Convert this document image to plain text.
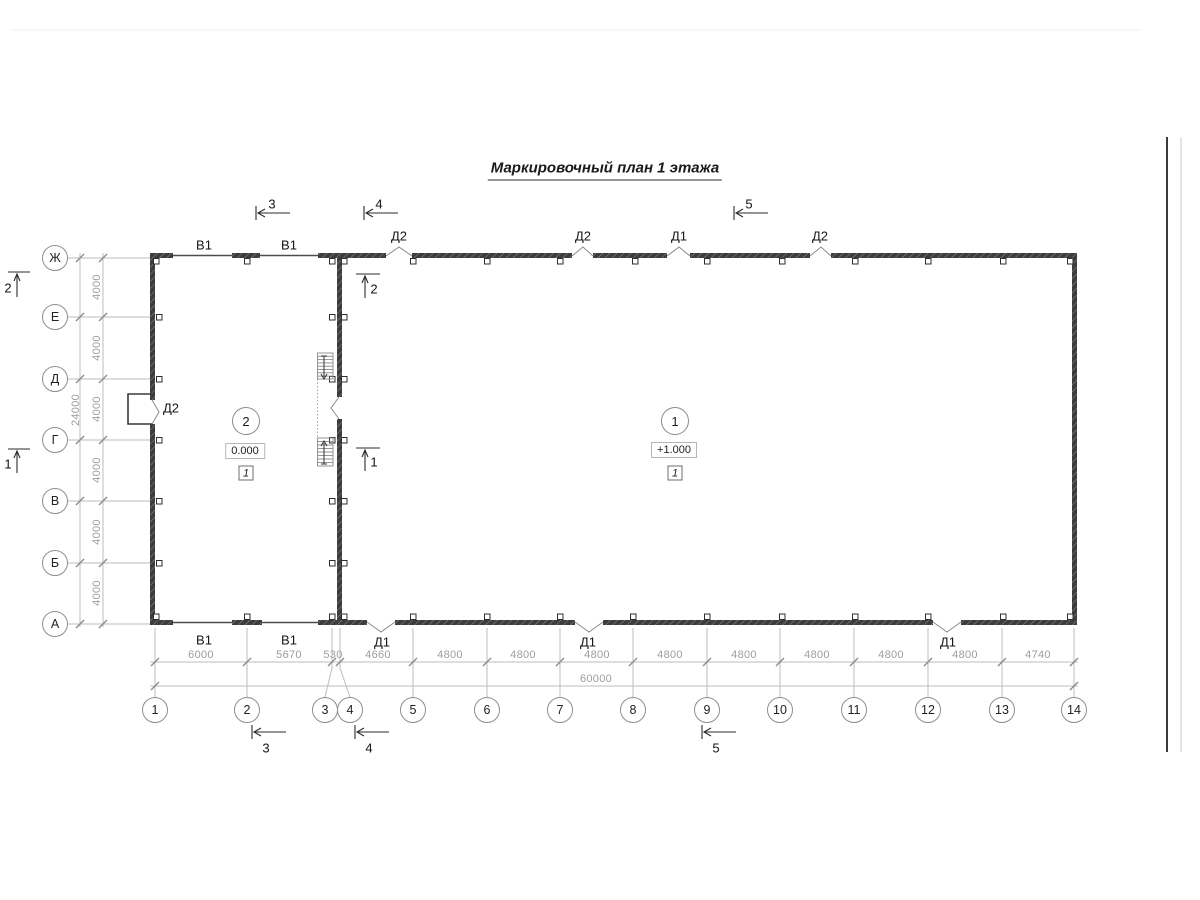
Маркировочный план 1 этажа
В1	В1
Д2	Д2	Д1	Д2
В1	В1	Д1	Д1	Д1
Д2
3	4	5
3	4	5
2
1
2
1
2
0.000
1
1
+1.000
1
1	2	3	4	5	6	7	8	9	10	11	12	13	14
Ж
Е
Д
Г
В
Б
А
6000	5670 530 4660	4800	4800	4800	4800	4800	4800	4800	4800	4740
60000
4000
4000
4000
4000
4000
4000
24000
